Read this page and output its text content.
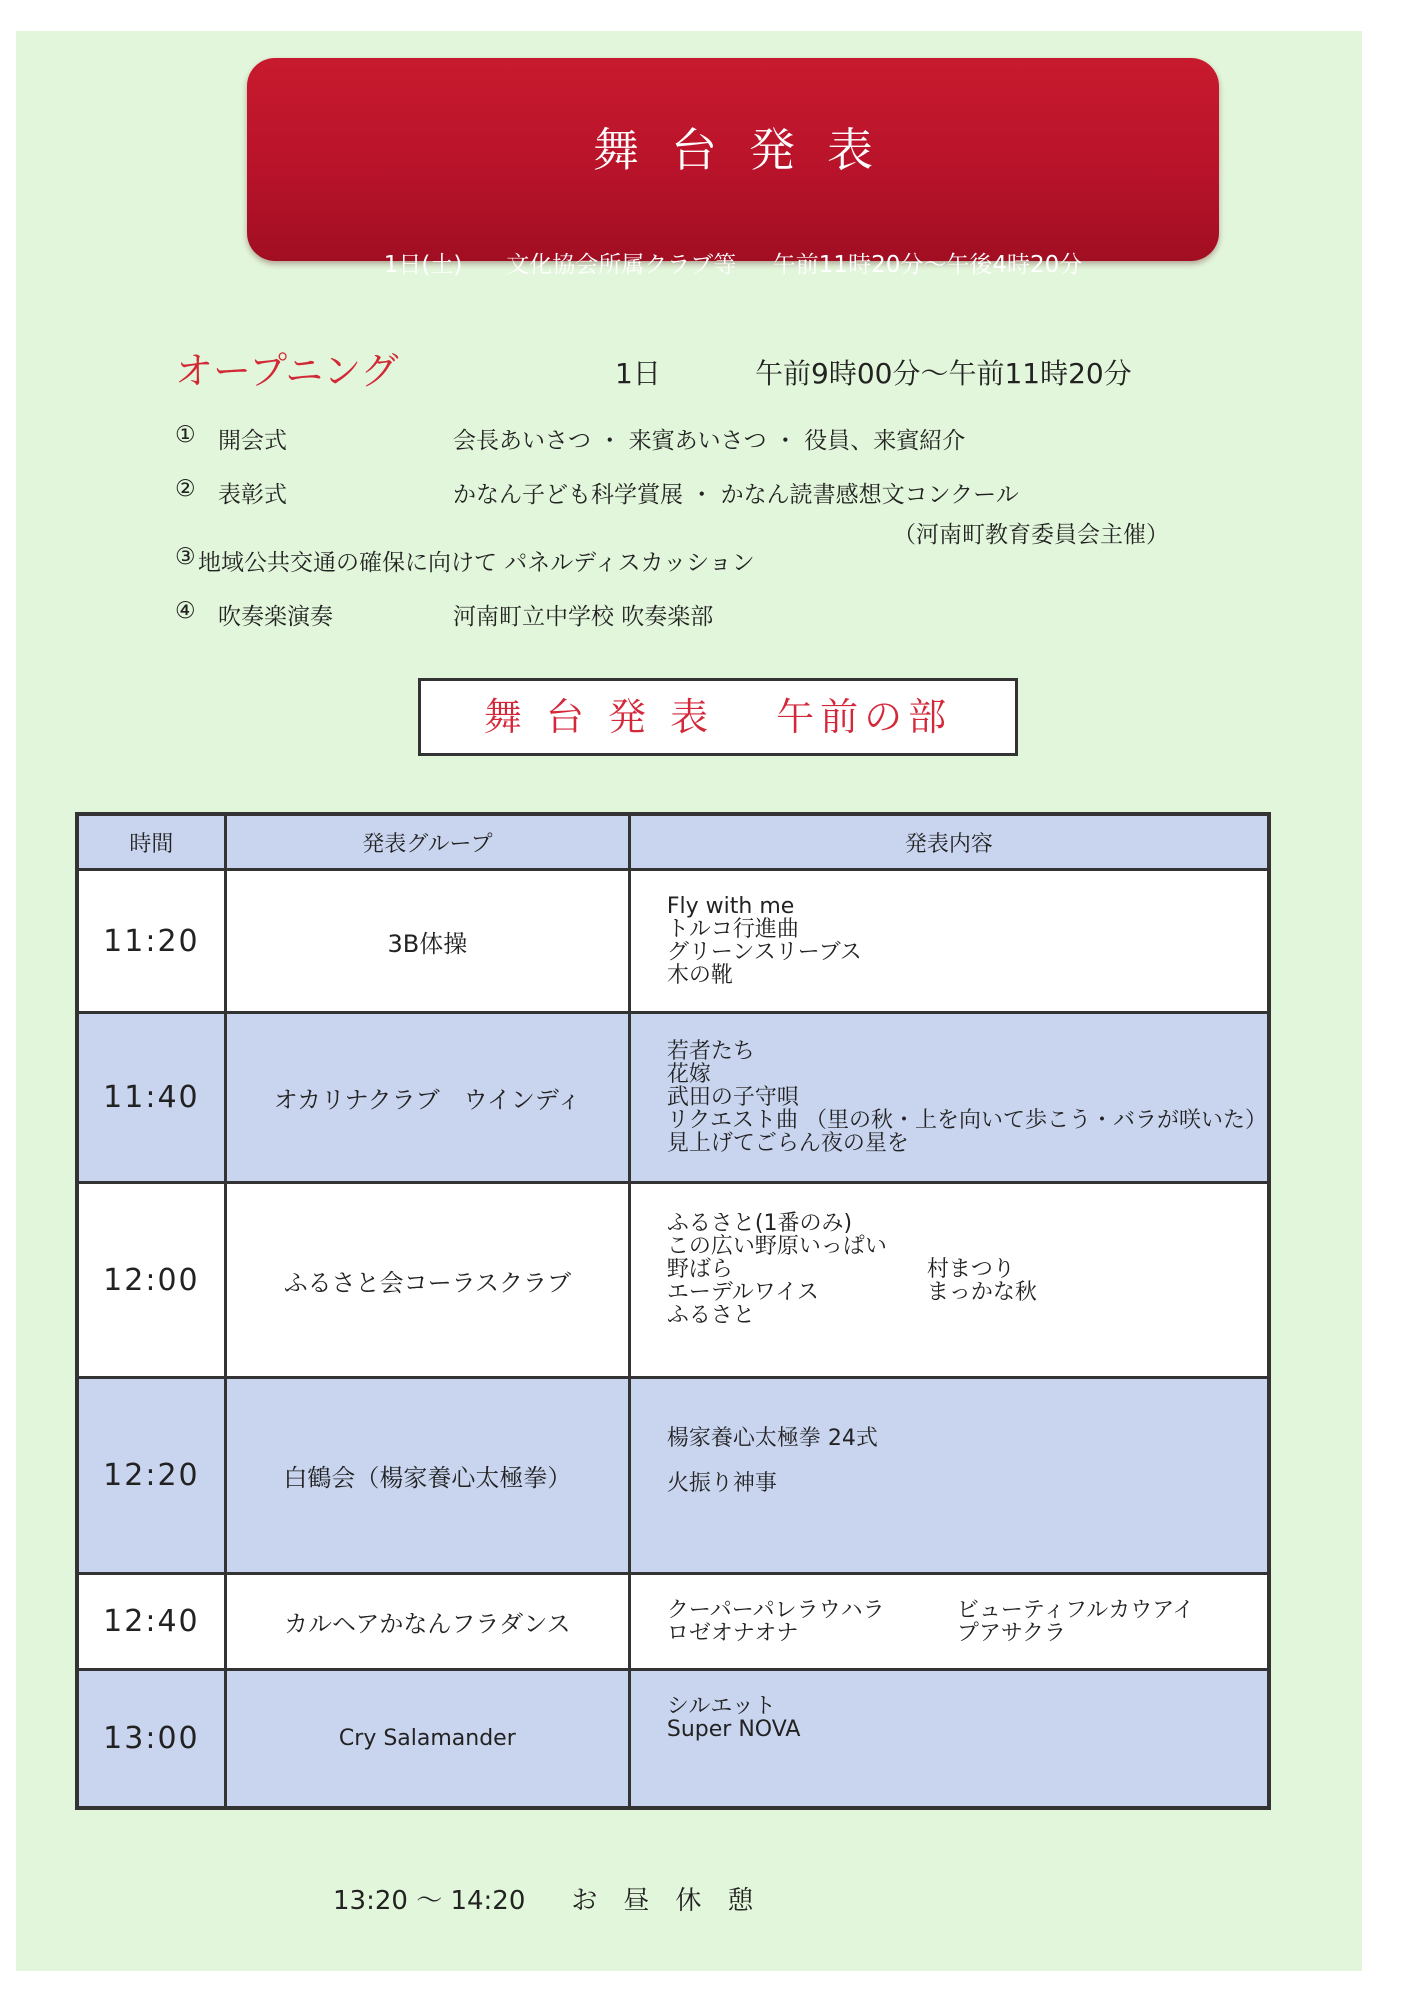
舞台発表
1日(土) 文化協会所属クラブ等 午前11時20分～午後4時20分
オープニング	1日	午前9時00分～午前11時20分
① 開会式	会長あいさつ ・ 来賓あいさつ ・ 役員、来賓紹介
② 表彰式	かなん子ども科学賞展 ・ かなん読書感想文コンクール
（河南町教育委員会主催）
③ 地域公共交通の確保に向けて パネルディスカッション
④ 吹奏楽演奏	河南町立中学校 吹奏楽部
舞 台 発 表　 午前の部
時間	発表グループ	発表内容
11:20	3B体操	Fly with me
トルコ行進曲
グリーンスリーブス
木の靴

11:40	オカリナクラブ　ウインディ	若者たち
花嫁
武田の子守唄
リクエスト曲 （里の秋・上を向いて歩こう・バラが咲いた）
見上げてごらん夜の星を

12:00	ふるさと会コーラスクラブ	
ふるさと(1番のみ)
この広い野原いっぱい
野ばら
エーデルワイス
ふるさと
村まつり
まっかな秋

12:20	白鶴会（楊家養心太極拳）	楊家養心太極拳 24式
火振り神事

12:40	カルヘアかなんフラダンス	クーパーパレラウハラ
ロゼオナオナ
ビューティフルカウアイ
プアサクラ

13:00	Cry Salamander	シルエット
Super NOVA
13:20 ～ 14:20 お昼休憩
